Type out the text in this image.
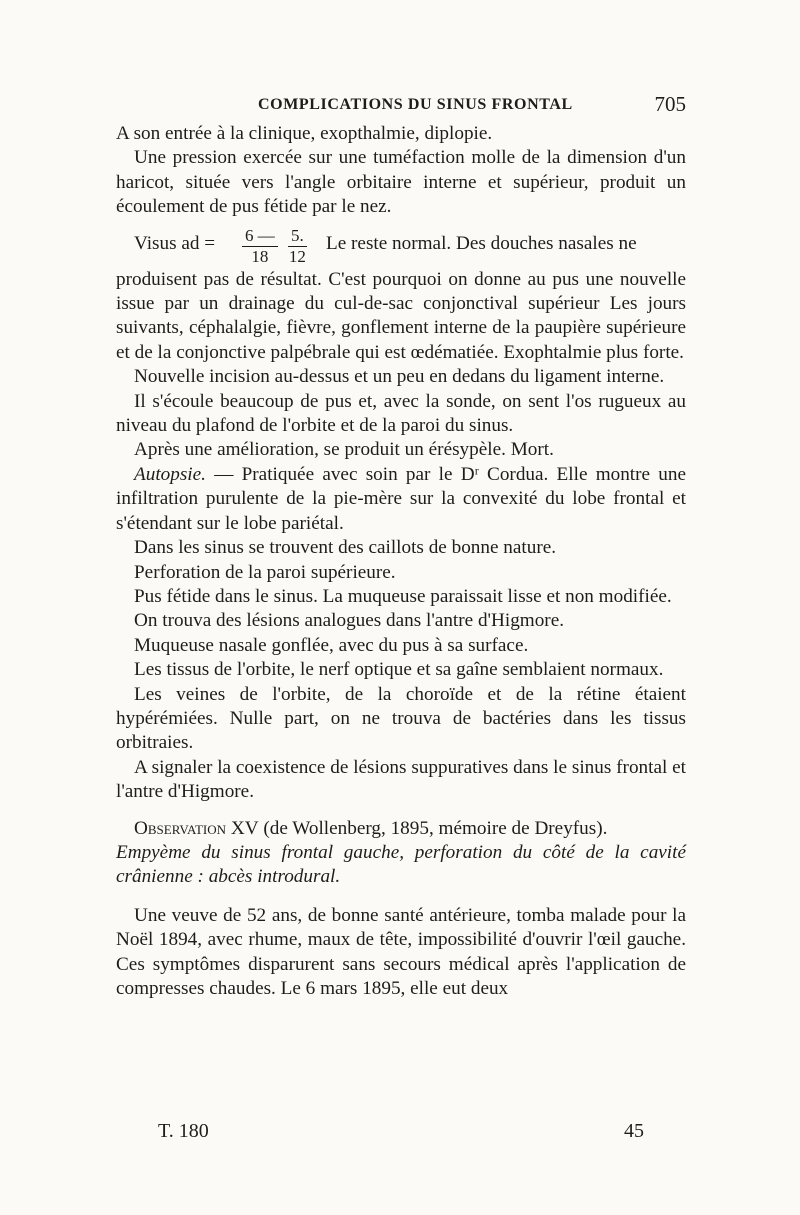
COMPLICATIONS DU SINUS FRONTAL	705

A son entrée à la clinique, exopthalmie, diplopie.

Une pression exercée sur une tuméfaction molle de la dimension d'un haricot, située vers l'angle orbitaire interne et supérieur, produit un écoulement de pus fétide par le nez.

Visus ad = $\frac{6 —}{18} \frac{5.}{12}$ Le reste normal. Des douches nasales ne

produisent pas de résultat. C'est pourquoi on donne au pus une nouvelle issue par un drainage du cul-de-sac conjonctival supérieur Les jours suivants, céphalalgie, fièvre, gonflement interne de la paupière supérieure et de la conjonctive palpébrale qui est œdématiée. Exophtalmie plus forte.

Nouvelle incision au-dessus et un peu en dedans du ligament interne.

Il s'écoule beaucoup de pus et, avec la sonde, on sent l'os rugueux au niveau du plafond de l'orbite et de la paroi du sinus.

Après une amélioration, se produit un érésypèle. Mort.

Autopsie. — Pratiquée avec soin par le Dʳ Cordua. Elle montre une infiltration purulente de la pie-mère sur la convexité du lobe frontal et s'étendant sur le lobe pariétal.

Dans les sinus se trouvent des caillots de bonne nature.

Perforation de la paroi supérieure.

Pus fétide dans le sinus. La muqueuse paraissait lisse et non modifiée.

On trouva des lésions analogues dans l'antre d'Higmore.

Muqueuse nasale gonflée, avec du pus à sa surface.

Les tissus de l'orbite, le nerf optique et sa gaîne semblaient normaux.

Les veines de l'orbite, de la choroïde et de la rétine étaient hypérémiées. Nulle part, on ne trouva de bactéries dans les tissus orbitraies.

A signaler la coexistence de lésions suppuratives dans le sinus frontal et l'antre d'Higmore.

Observation XV (de Wollenberg, 1895, mémoire de Dreyfus).

Empyème du sinus frontal gauche, perforation du côté de la cavité crânienne : abcès introdural.

Une veuve de 52 ans, de bonne santé antérieure, tomba malade pour la Noël 1894, avec rhume, maux de tête, impossibilité d'ouvrir l'œil gauche. Ces symptômes disparurent sans secours médical après l'application de compresses chaudes. Le 6 mars 1895, elle eut deux

T. 180	45
